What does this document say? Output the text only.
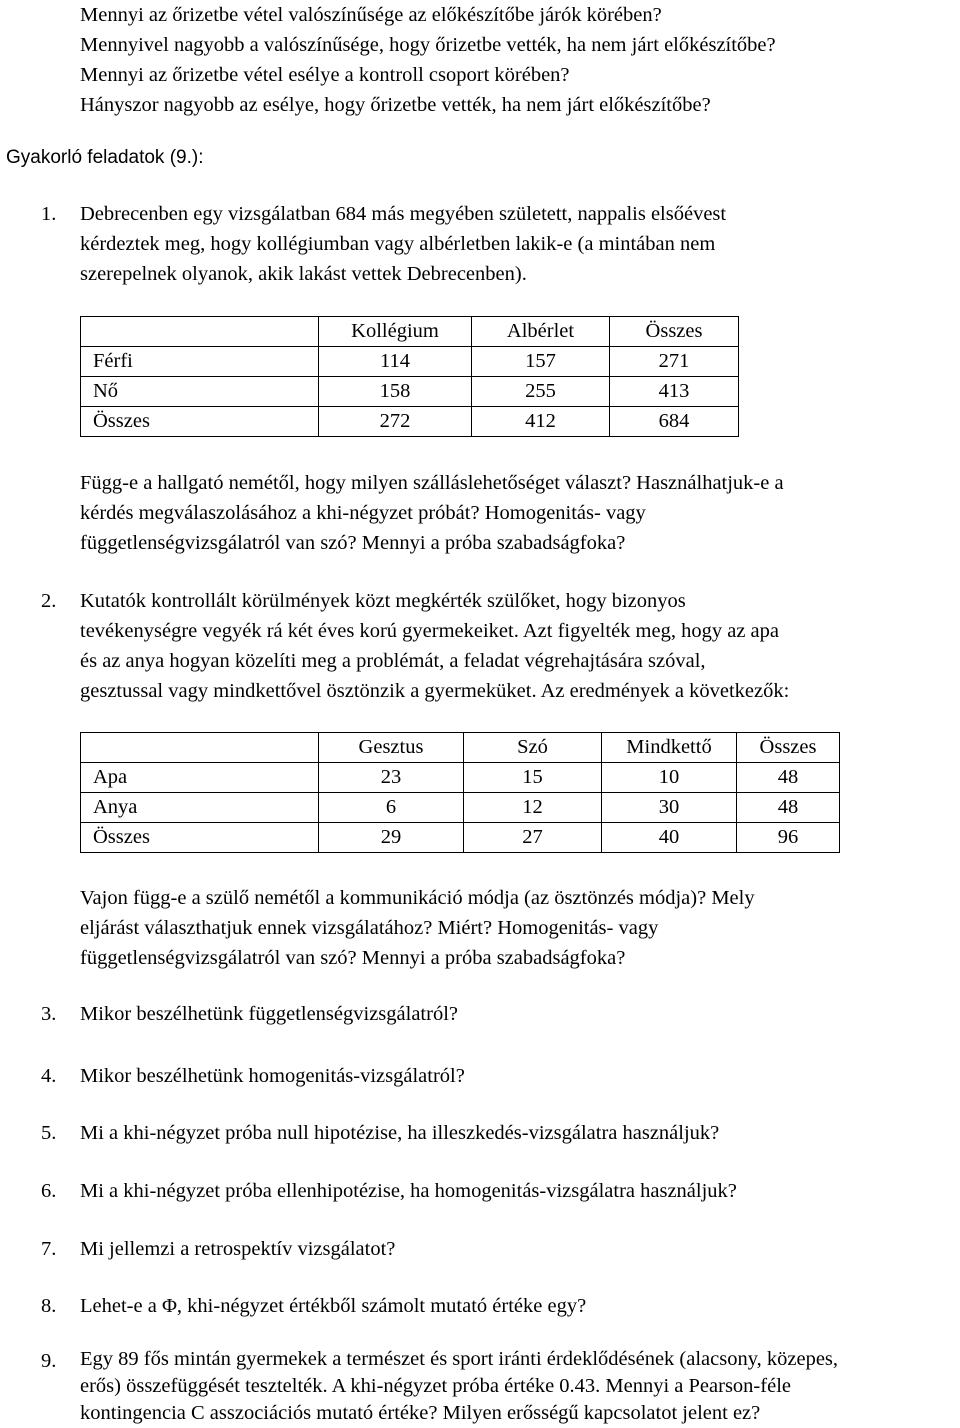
Mennyi az őrizetbe vétel valószínűsége az előkészítőbe járók körében?
Mennyivel nagyobb a valószínűsége, hogy őrizetbe vették, ha nem járt előkészítőbe?
Mennyi az őrizetbe vétel esélye a kontroll csoport körében?
Hányszor nagyobb az esélye, hogy őrizetbe vették, ha nem járt előkészítőbe?
Gyakorló feladatok (9.):
1. Debrecenben egy vizsgálatban 684 más megyében született, nappalis elsőévest
kérdeztek meg, hogy kollégiumban vagy albérletben lakik-e (a mintában nem
szerepelnek olyanok, akik lakást vettek Debrecenben).
	Kollégium	Albérlet	Összes
Férfi	114	157	271
Nő	158	255	413
Összes	272	412	684
Függ-e a hallgató nemétől, hogy milyen szálláslehetőséget választ? Használhatjuk-e a
kérdés megválaszolásához a khi-négyzet próbát? Homogenitás- vagy
függetlenségvizsgálatról van szó? Mennyi a próba szabadságfoka?
2. Kutatók kontrollált körülmények közt megkérték szülőket, hogy bizonyos
tevékenységre vegyék rá két éves korú gyermekeiket. Azt figyelték meg, hogy az apa
és az anya hogyan közelíti meg a problémát, a feladat végrehajtására szóval,
gesztussal vagy mindkettővel ösztönzik a gyermeküket. Az eredmények a következők:
	Gesztus	Szó	Mindkettő	Összes
Apa	23	15	10	48
Anya	6	12	30	48
Összes	29	27	40	96
Vajon függ-e a szülő nemétől a kommunikáció módja (az ösztönzés módja)? Mely
eljárást választhatjuk ennek vizsgálatához? Miért? Homogenitás- vagy
függetlenségvizsgálatról van szó? Mennyi a próba szabadságfoka?
3. Mikor beszélhetünk függetlenségvizsgálatról?
4. Mikor beszélhetünk homogenitás-vizsgálatról?
5. Mi a khi-négyzet próba null hipotézise, ha illeszkedés-vizsgálatra használjuk?
6. Mi a khi-négyzet próba ellenhipotézise, ha homogenitás-vizsgálatra használjuk?
7. Mi jellemzi a retrospektív vizsgálatot?
8. Lehet-e a Φ, khi-négyzet értékből számolt mutató értéke egy?
9. Egy 89 fős mintán gyermekek a természet és sport iránti érdeklődésének (alacsony, közepes,
erős) összefüggését tesztelték. A khi-négyzet próba értéke 0.43. Mennyi a Pearson-féle
kontingencia C asszociációs mutató értéke? Milyen erősségű kapcsolatot jelent ez?
